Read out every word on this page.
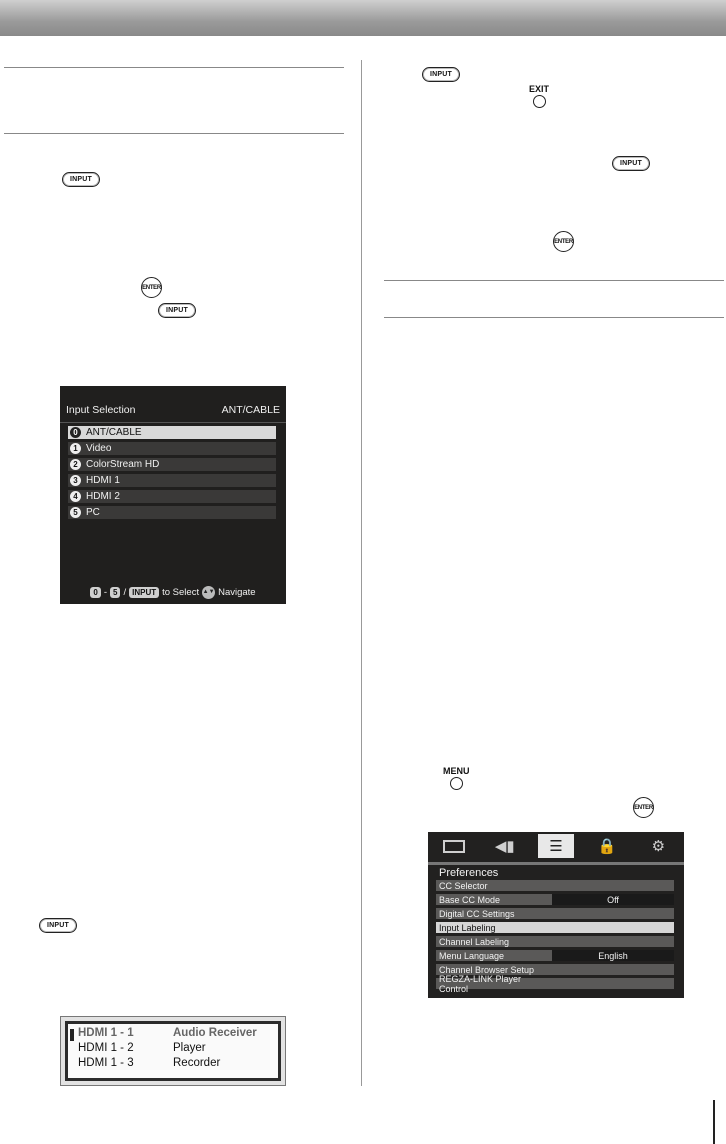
INPUT
ENTER
INPUT
INPUT
INPUT
EXIT
INPUT
ENTER
MENU
ENTER
Input Selection	ANT/CABLE
0 ANT/CABLE
1 Video
2 ColorStream HD
3 HDMI 1
4 HDMI 2
5 PC
0 - 5 / INPUT to Select ▲▼ Navigate
HDMI 1 - 1	Audio Receiver
HDMI 1 - 2	Player
HDMI 1 - 3	Recorder
◀▮	☰	🔒	⚙
Preferences
CC Selector
Base CC Mode	Off
Digital CC Settings
Input Labeling
Channel Labeling
Menu Language	English
Channel Browser Setup
REGZA-LINK Player Control
